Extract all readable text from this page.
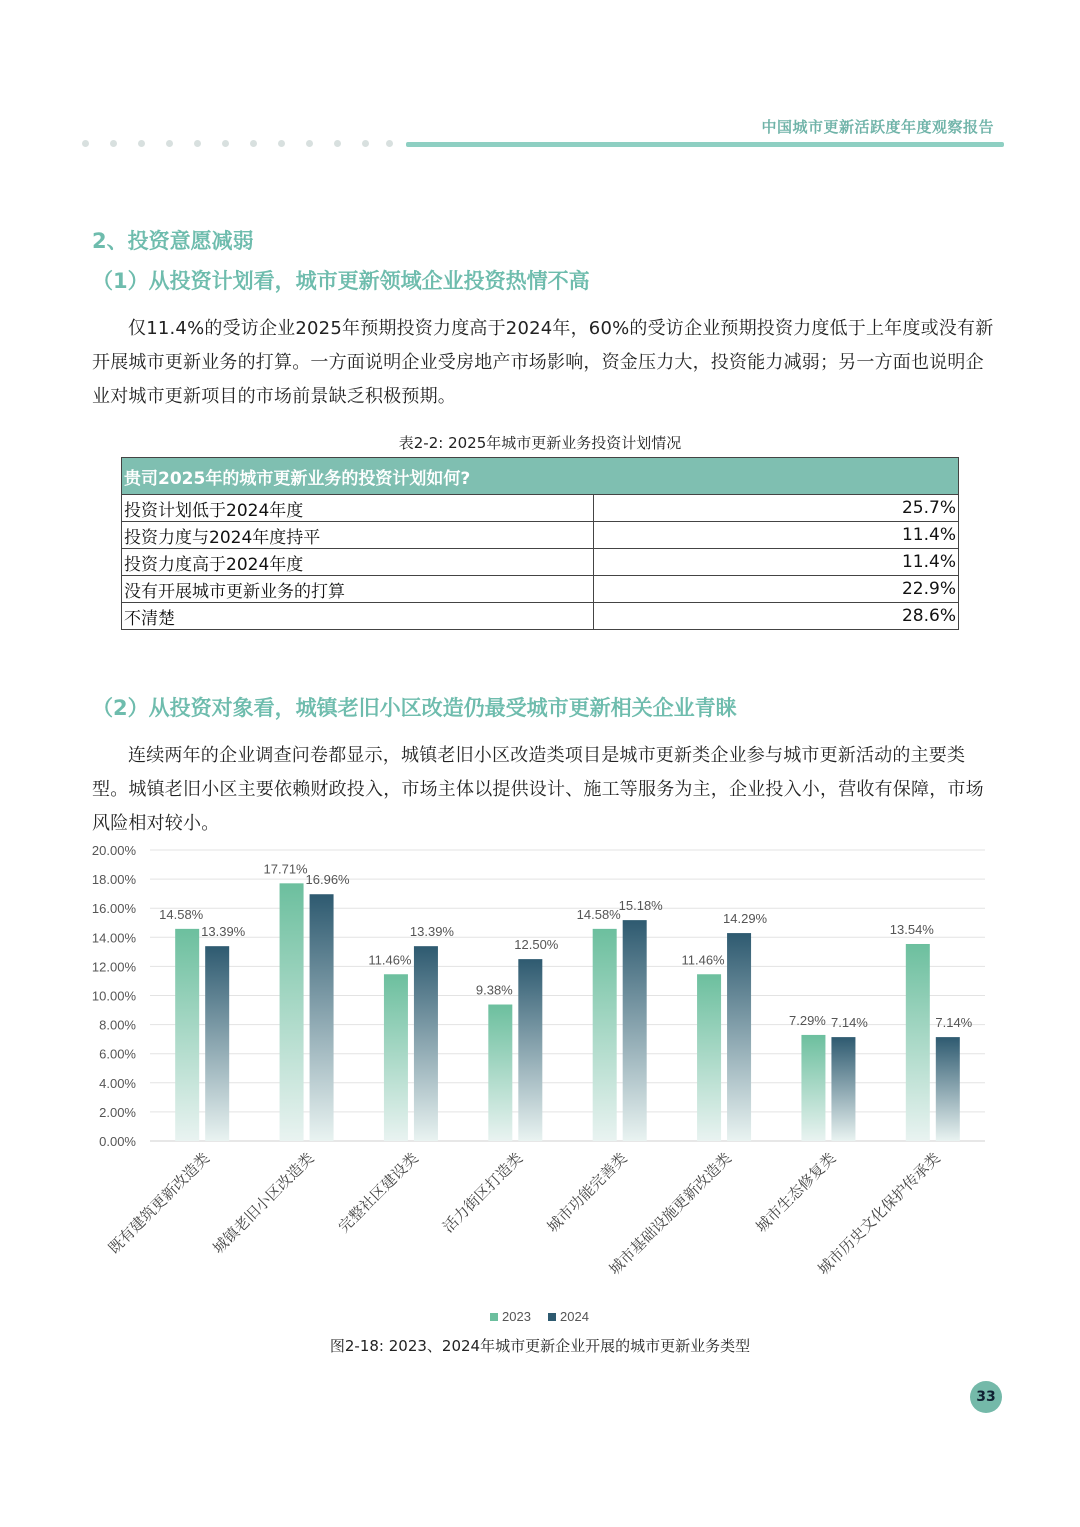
中国城市更新活跃度年度观察报告
2、投资意愿减弱
（1）从投资计划看，城市更新领域企业投资热情不高

仅11.4%的受访企业2025年预期投资力度高于2024年，60%的受访企业预期投资力度低于上年度或没有新开展城市更新业务的打算。一方面说明企业受房地产市场影响，资金压力大，投资能力减弱；另一方面也说明企业对城市更新项目的市场前景缺乏积极预期。

表2-2: 2025年城市更新业务投资计划情况
贵司2025年的城市更新业务的投资计划如何?	
投资计划低于2024年度	25.7%
投资力度与2024年度持平	11.4%
投资力度高于2024年度	11.4%
没有开展城市更新业务的打算	22.9%
不清楚	28.6%
（2）从投资对象看，城镇老旧小区改造仍最受城市更新相关企业青睐

连续两年的企业调查问卷都显示，城镇老旧小区改造类项目是城市更新类企业参与城市更新活动的主要类型。城镇老旧小区主要依赖财政投入，市场主体以提供设计、施工等服务为主，企业投入小，营收有保障，市场风险相对较小。

0.00%
2.00%
4.00%
6.00%
8.00%
10.00%
12.00%
14.00%
16.00%
18.00%
20.00%
14.58%
13.39%
既有建筑更新改造类
17.71%
16.96%
城镇老旧小区改造类
11.46%
13.39%
完整社区建设类
9.38%
12.50%
活力街区打造类
14.58%
15.18%
城市功能完善类
11.46%
14.29%
城市基础设施更新改造类
7.29% 7.14%
城市生态修复类
13.54%
7.14%
城市历史文化保护传承类
2023 2024
图2-18: 2023、2024年城市更新企业开展的城市更新业务类型
33
